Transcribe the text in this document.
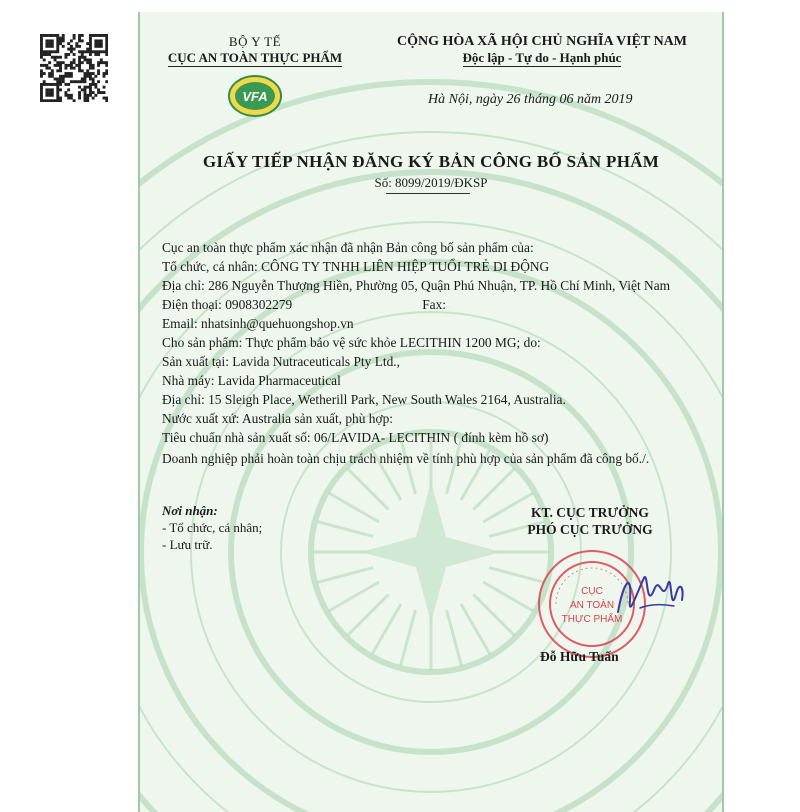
BỘ Y TẾ
CỤC AN TOÀN THỰC PHẨM
VFA
CỘNG HÒA XÃ HỘI CHỦ NGHĨA VIỆT NAM
Độc lập - Tự do - Hạnh phúc
Hà Nội, ngày 26 tháng 06 năm 2019
GIẤY TIẾP NHẬN ĐĂNG KÝ BẢN CÔNG BỐ SẢN PHẨM
Số: 8099/2019/ĐKSP
Cục an toàn thực phẩm xác nhận đã nhận Bản công bố sản phẩm của:
Tổ chức, cá nhân: CÔNG TY TNHH LIÊN HIỆP TUỔI TRẺ DI ĐỘNG
Địa chỉ: 286 Nguyễn Thượng Hiền, Phường 05, Quận Phú Nhuận, TP. Hồ Chí Minh, Việt Nam
Điện thoại: 0908302279	Fax:
Email: nhatsinh@quehuongshop.vn
Cho sản phẩm: Thực phẩm bảo vệ sức khỏe LECITHIN 1200 MG; do:
Sản xuất tại: Lavida Nutraceuticals Pty Ltd.,
Nhà máy: Lavida Pharmaceutical
Địa chỉ: 15 Sleigh Place, Wetherill Park, New South Wales 2164, Australia.
Nước xuất xứ: Australia sản xuất, phù hợp:
Tiêu chuẩn nhà sản xuất số: 06/LAVIDA- LECITHIN ( đính kèm hồ sơ)
Doanh nghiệp phải hoàn toàn chịu trách nhiệm về tính phù hợp của sản phẩm đã công bố./.
Nơi nhận:
- Tổ chức, cá nhân;
- Lưu trữ.
KT. CỤC TRƯỞNG
PHÓ CỤC TRƯỞNG
CỤC
AN TOÀN
THỰC PHẨM
Đỗ Hữu Tuấn
